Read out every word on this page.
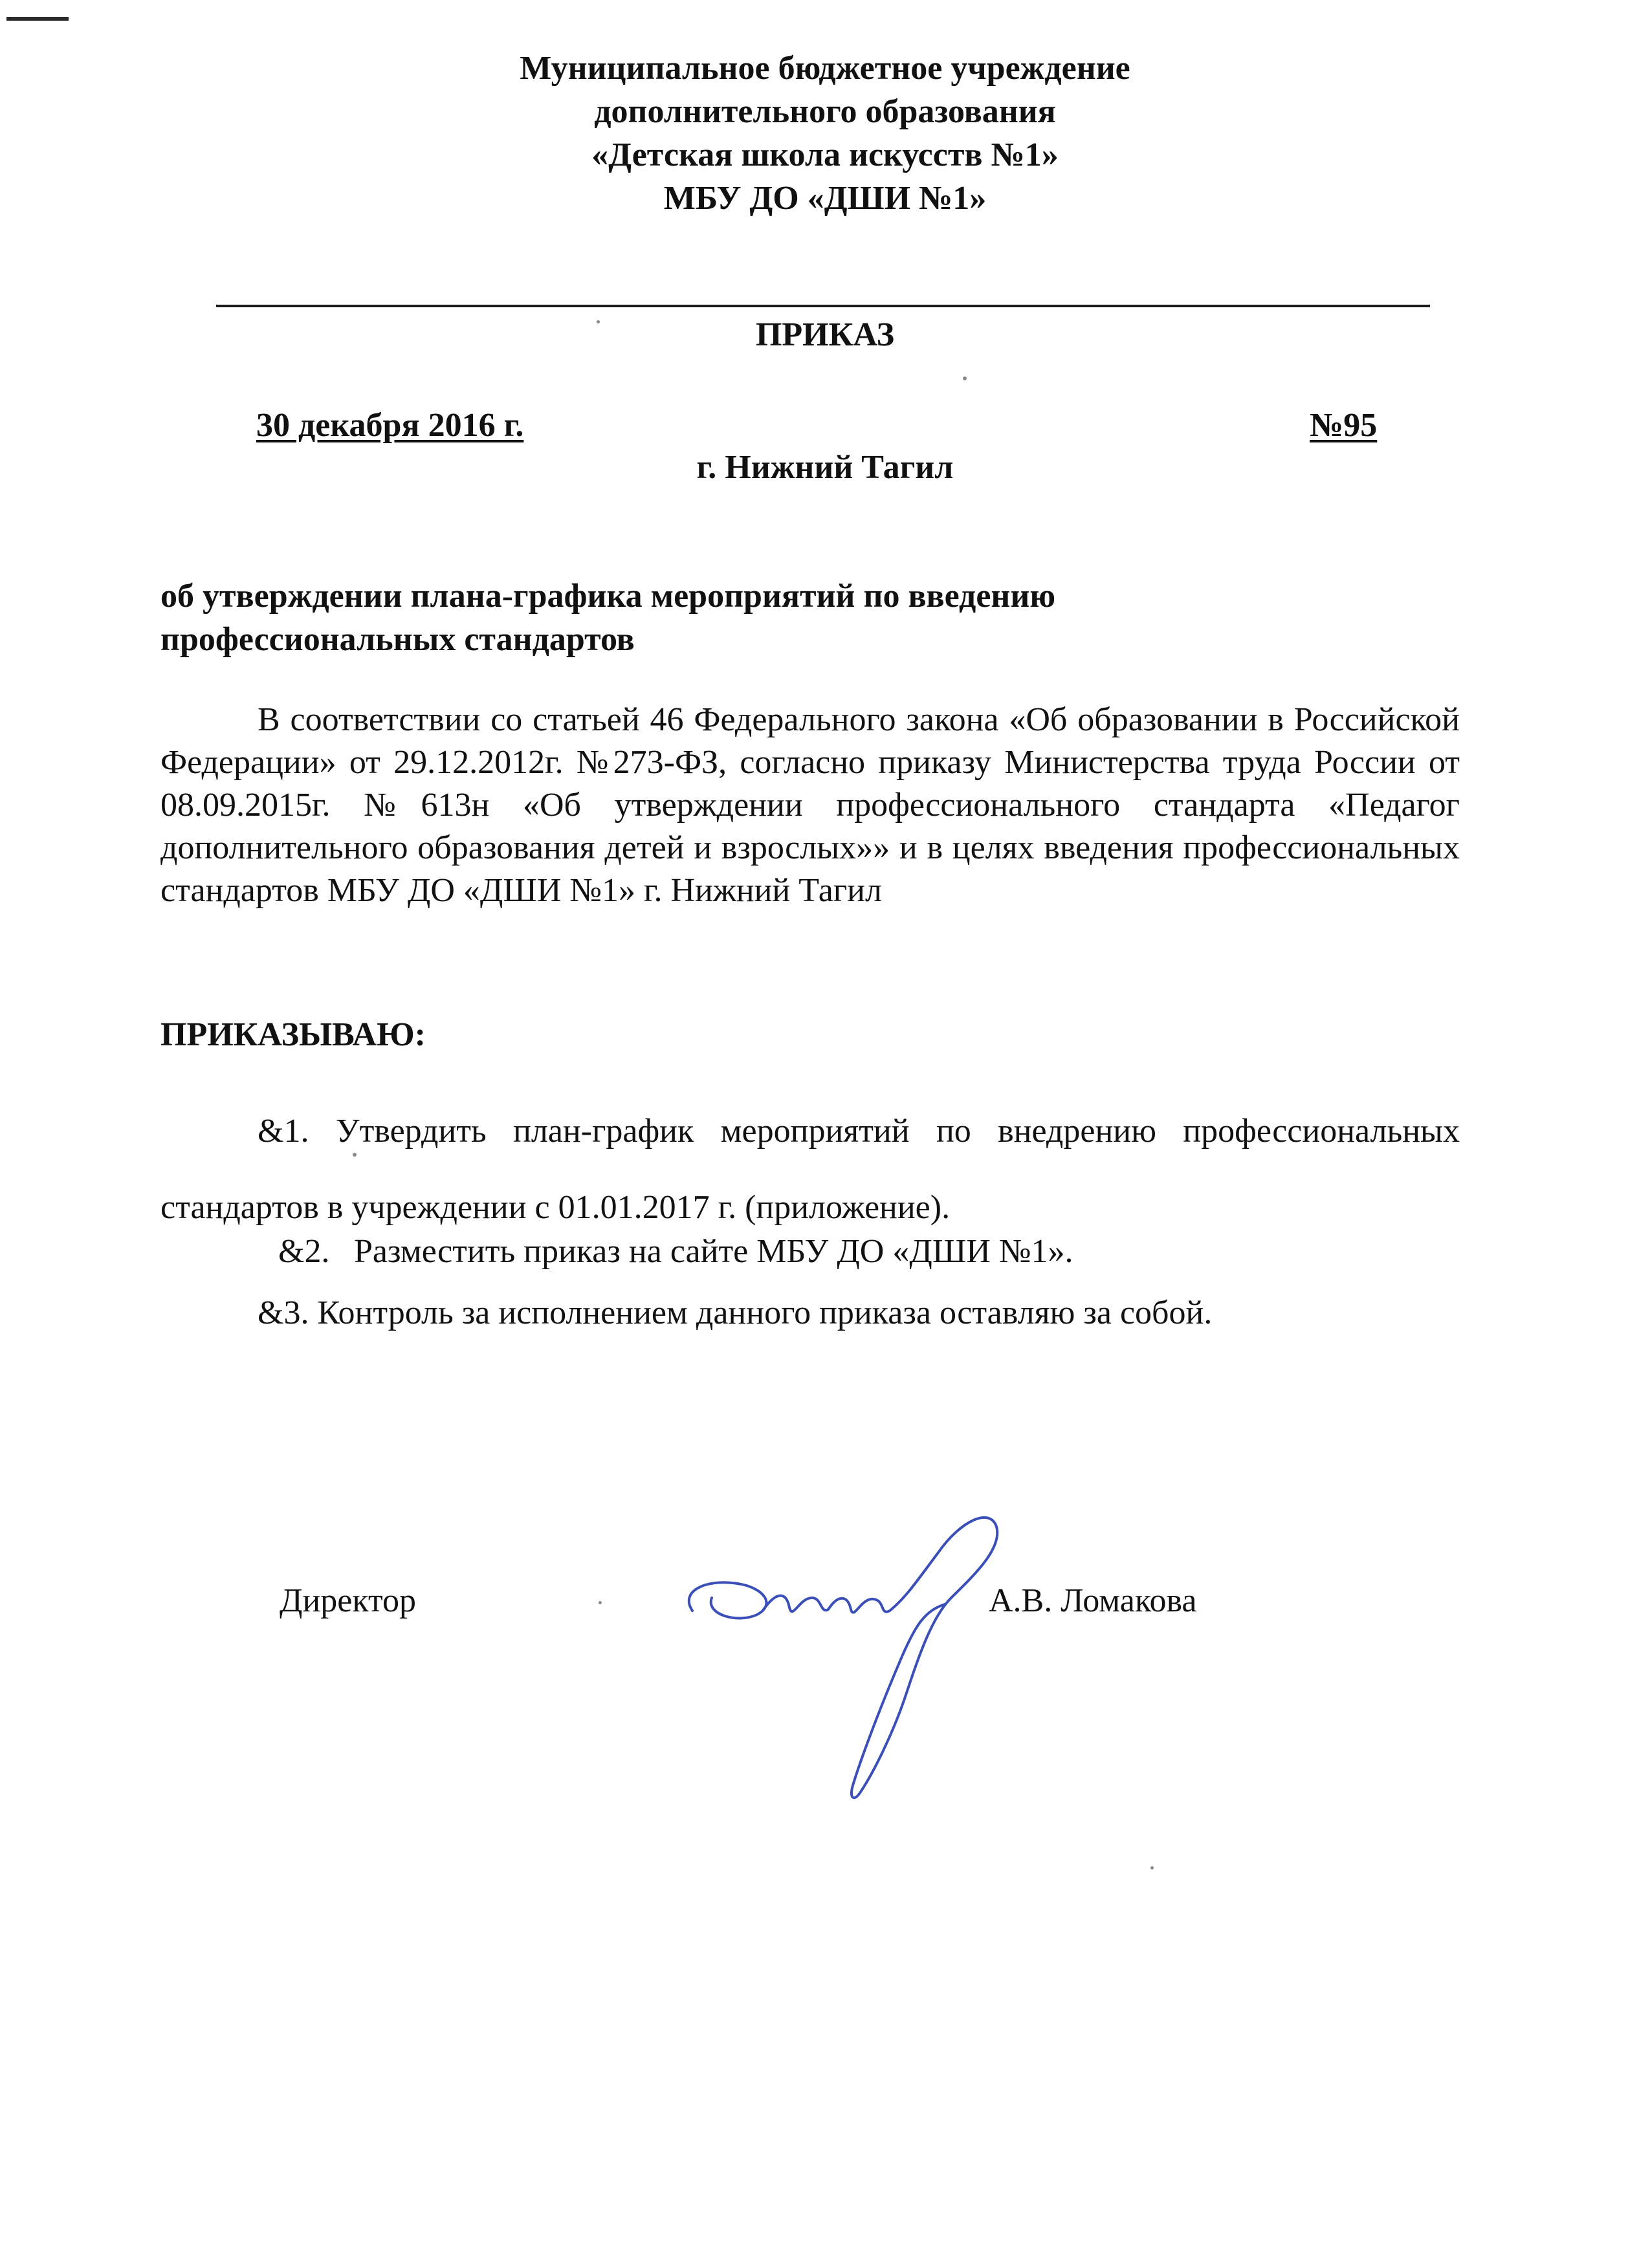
Муниципальное бюджетное учреждение
дополнительного образования
«Детская школа искусств №1»
МБУ ДО «ДШИ №1»
ПРИКАЗ
30 декабря 2016 г.	№95
г. Нижний Тагил
об утверждении плана-графика мероприятий по введению
профессиональных стандартов

В соответствии со статьей 46 Федерального закона «Об образовании в Российской Федерации» от 29.12.2012г. №273-ФЗ, согласно приказу Министерства труда России от 08.09.2015г. №613н «Об утверждении профессионального стандарта «Педагог дополнительного образования детей и взрослых»» и в целях введения профессиональных стандартов МБУ ДО «ДШИ №1» г. Нижний Тагил

ПРИКАЗЫВАЮ:

&1. Утвердить план-график мероприятий по внедрению профессиональных стандартов в учреждении с 01.01.2017 г. (приложение).

&2.	Разместить приказ на сайте МБУ ДО «ДШИ №1».
&3. Контроль за исполнением данного приказа оставляю за собой.
Директор	А.В. Ломакова
